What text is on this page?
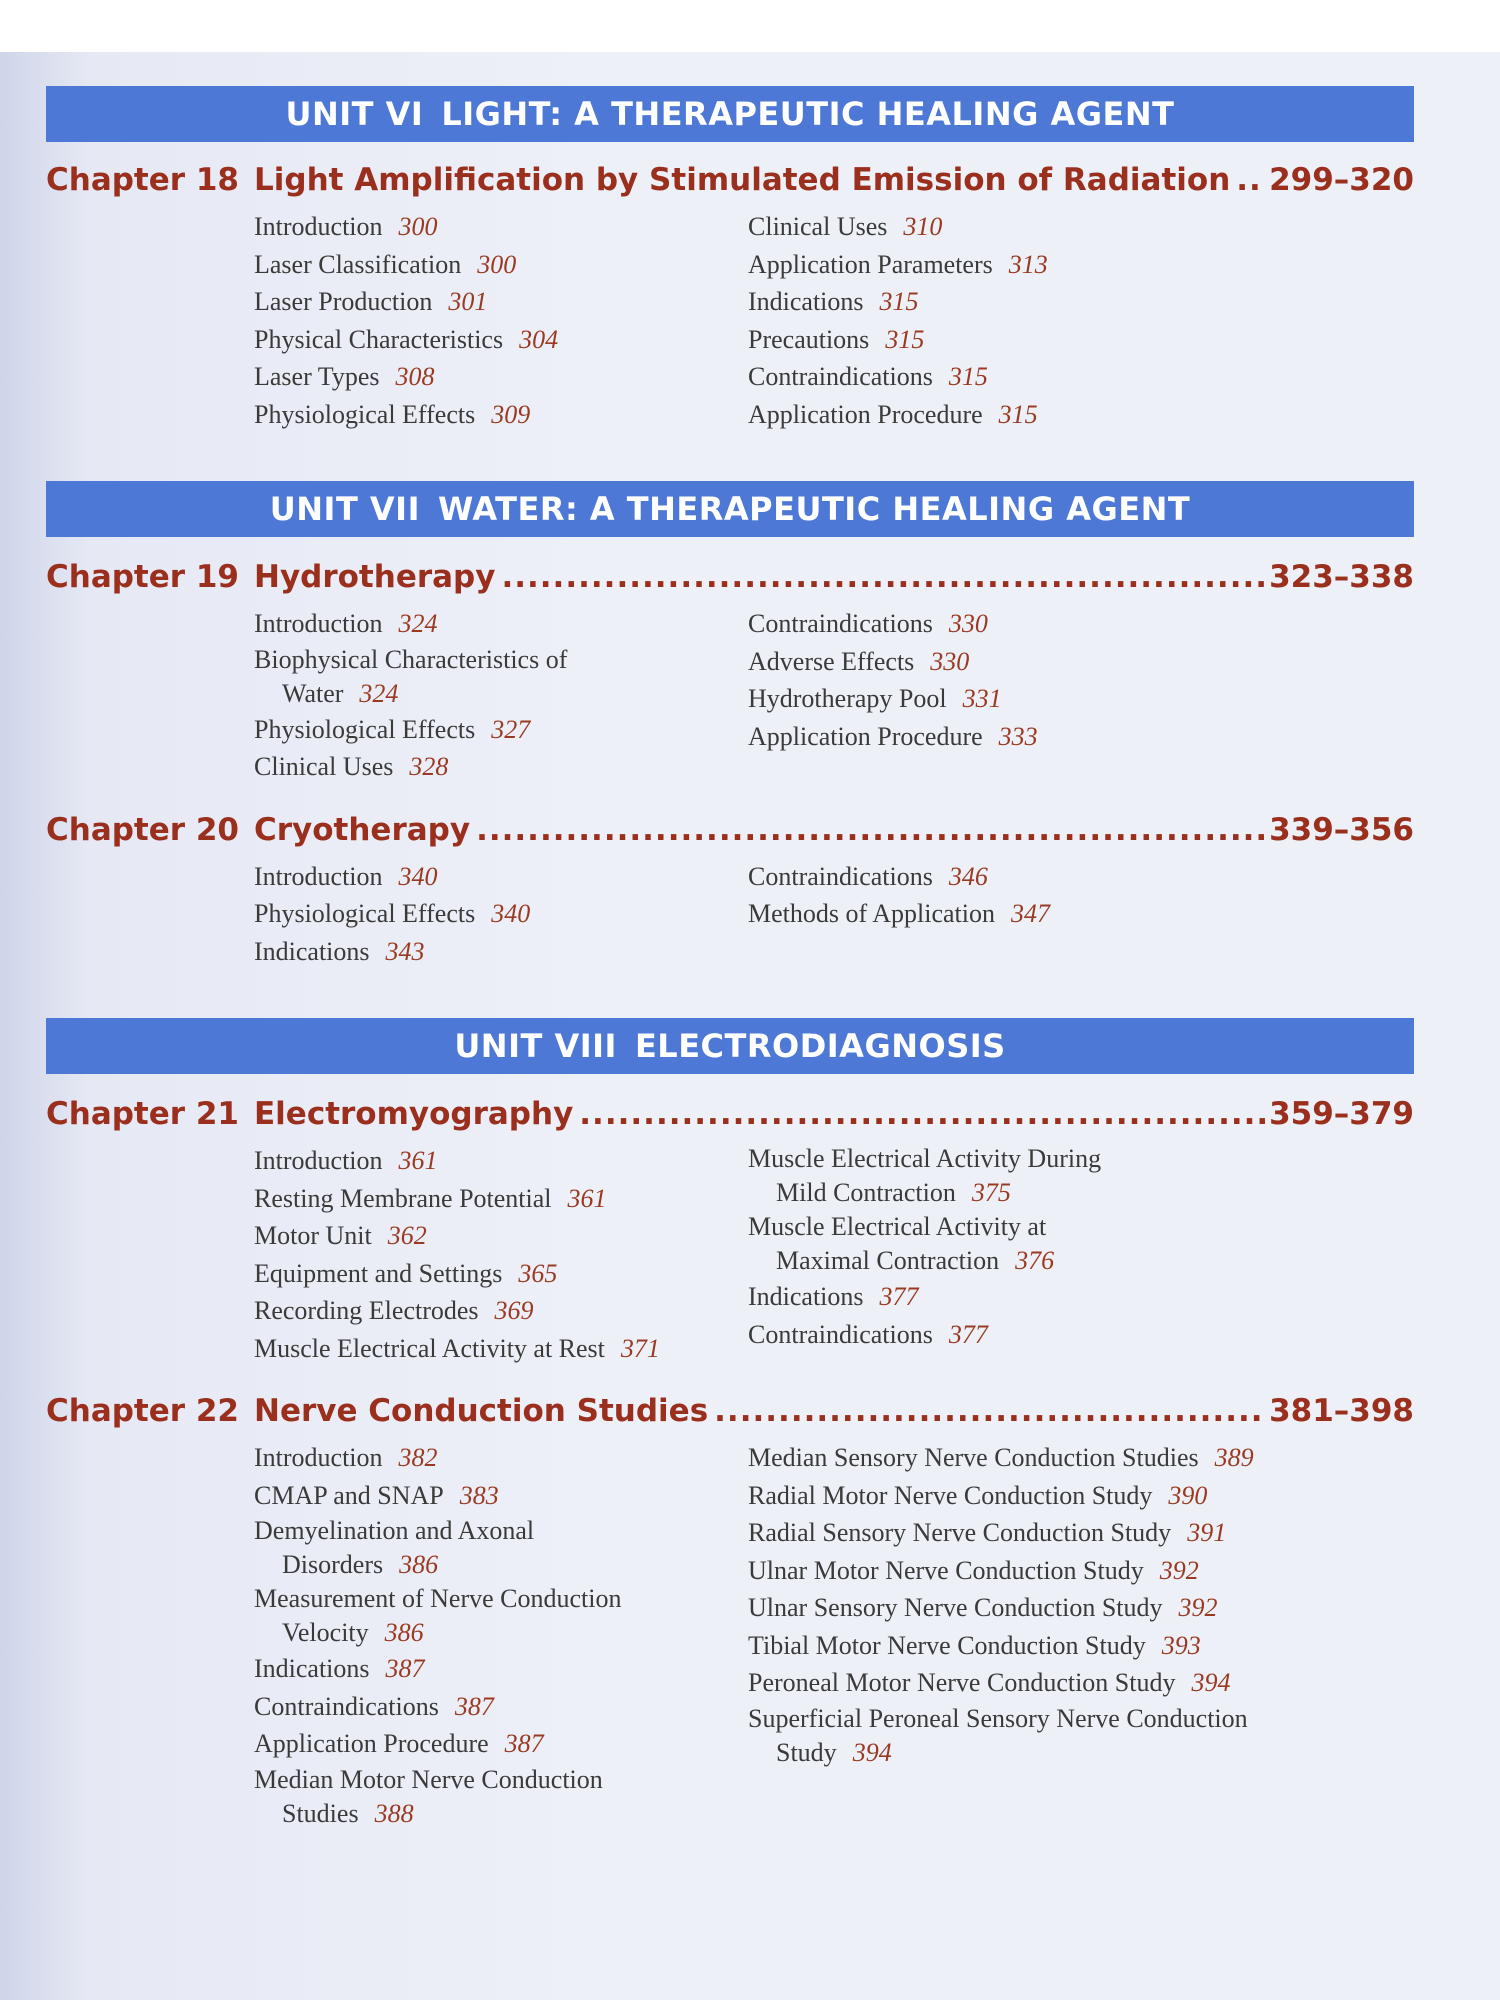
UNIT VI LIGHT: A THERAPEUTIC HEALING AGENT
Chapter 18 Light Amplification by Stimulated Emission of Radiation ..... 299–320
Introduction 300
Laser Classification 300
Laser Production 301
Physical Characteristics 304
Laser Types 308
Physiological Effects 309
Clinical Uses 310
Application Parameters 313
Indications 315
Precautions 315
Contraindications 315
Application Procedure 315
UNIT VII WATER: A THERAPEUTIC HEALING AGENT
Chapter 19 Hydrotherapy .....	323–338
Introduction 324
Biophysical Characteristics of
Water 324
Physiological Effects 327
Clinical Uses 328
Contraindications 330
Adverse Effects 330
Hydrotherapy Pool 331
Application Procedure 333
Chapter 20 Cryotherapy .....	339–356
Introduction 340
Physiological Effects 340
Indications 343
Contraindications 346
Methods of Application 347
UNIT VIII ELECTRODIAGNOSIS
Chapter 21 Electromyography .....	359–379
Introduction 361
Resting Membrane Potential 361
Motor Unit 362
Equipment and Settings 365
Recording Electrodes 369
Muscle Electrical Activity at Rest 371
Muscle Electrical Activity During
Mild Contraction 375
Muscle Electrical Activity at
Maximal Contraction 376
Indications 377
Contraindications 377
Chapter 22 Nerve Conduction Studies .....	381–398
Introduction 382
CMAP and SNAP 383
Demyelination and Axonal
Disorders 386
Measurement of Nerve Conduction
Velocity 386
Indications 387
Contraindications 387
Application Procedure 387
Median Motor Nerve Conduction
Studies 388
Median Sensory Nerve Conduction Studies 389
Radial Motor Nerve Conduction Study 390
Radial Sensory Nerve Conduction Study 391
Ulnar Motor Nerve Conduction Study 392
Ulnar Sensory Nerve Conduction Study 392
Tibial Motor Nerve Conduction Study 393
Peroneal Motor Nerve Conduction Study 394
Superficial Peroneal Sensory Nerve Conduction
Study 394
